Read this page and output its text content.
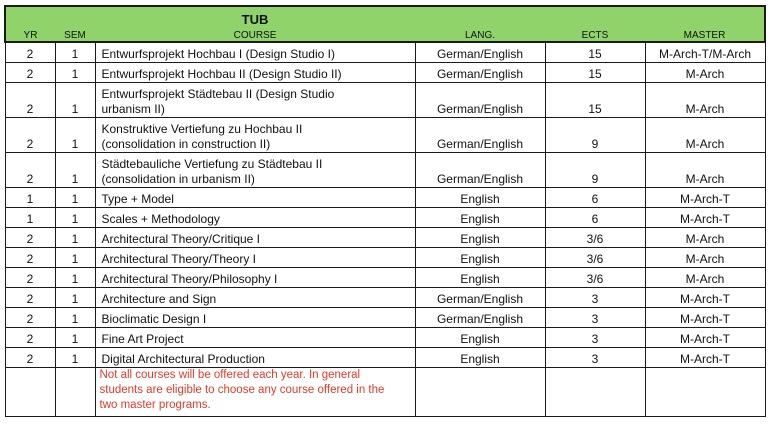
		TUB			
YR	SEM	COURSE	LANG.	ECTS	MASTER
2	1	Entwurfsprojekt Hochbau I (Design Studio I)	German/English	15	M-Arch-T/M-Arch
2	1	Entwurfsprojekt Hochbau II (Design Studio II)	German/English	15	M-Arch
2	1	Entwurfsprojekt Städtebau II (Design Studio
urbanism II)	German/English	15	M-Arch
2	1	Konstruktive Vertiefung zu Hochbau II
(consolidation in construction II)	German/English	9	M-Arch
2	1	Städtebauliche Vertiefung zu Städtebau II
(consolidation in urbanism II)	German/English	9	M-Arch
1	1	Type + Model	English	6	M-Arch-T
1	1	Scales + Methodology	English	6	M-Arch-T
2	1	Architectural Theory/Critique I	English	3/6	M-Arch
2	1	Architectural Theory/Theory I	English	3/6	M-Arch
2	1	Architectural Theory/Philosophy I	English	3/6	M-Arch
2	1	Architecture and Sign	German/English	3	M-Arch-T
2	1	Bioclimatic Design I	German/English	3	M-Arch-T
2	1	Fine Art Project	English	3	M-Arch-T
2	1	Digital Architectural Production	English	3	M-Arch-T

		Not all courses will be offered each year. In general
students are eligible to choose any course offered in the
two master programs.			
